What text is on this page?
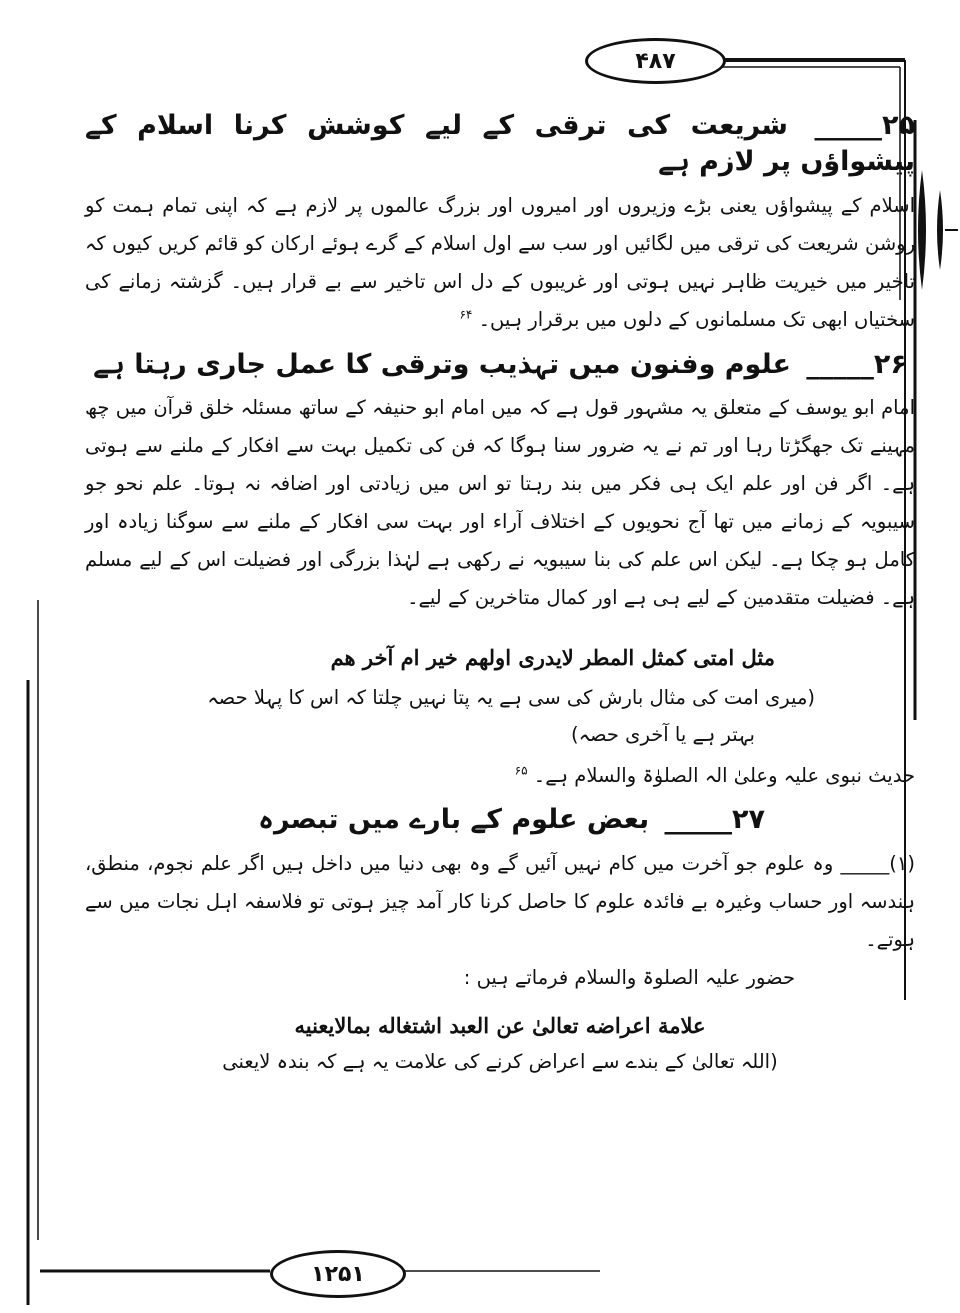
۴۸۷
۲۵_____ شریعت کی ترقی کے لیے کوشش کرنا اسلام کے پیشواؤں پر لازم ہے

اسلام کے پیشواؤں یعنی بڑے وزیروں اور امیروں اور بزرگ عالموں پر لازم ہے کہ اپنی تمام ہمت کو روشن شریعت کی ترقی میں لگائیں اور سب سے اول اسلام کے گرے ہوئے ارکان کو قائم کریں کیوں کہ تاخیر میں خیریت ظاہر نہیں ہوتی اور غریبوں کے دل اس تاخیر سے بے قرار ہیں۔ گزشتہ زمانے کی سختیاں ابھی تک مسلمانوں کے دلوں میں برقرار ہیں۔ $^{۶۴}$

۲۶_____ علوم وفنون میں تہذیب وترقی کا عمل جاری رہتا ہے

امام ابو یوسف کے متعلق یہ مشہور قول ہے کہ میں امام ابو حنیفہ کے ساتھ مسئلہ خلق قرآن میں چھ مہینے تک جھگڑتا رہا اور تم نے یہ ضرور سنا ہوگا کہ فن کی تکمیل بہت سے افکار کے ملنے سے ہوتی ہے۔ اگر فن اور علم ایک ہی فکر میں بند رہتا تو اس میں زیادتی اور اضافہ نہ ہوتا۔ علم نحو جو سیبویہ کے زمانے میں تھا آج نحویوں کے اختلاف آراء اور بہت سی افکار کے ملنے سے سوگنا زیادہ اور کامل ہو چکا ہے۔ لیکن اس علم کی بنا سیبویہ نے رکھی ہے لہٰذا بزرگی اور فضیلت اس کے لیے مسلم ہے۔ فضیلت متقدمین کے لیے ہی ہے اور کمال متاخرین کے لیے۔

مثل امتی کمثل المطر لایدری اولهم خیر ام آخر هم

(میری امت کی مثال بارش کی سی ہے یہ پتا نہیں چلتا کہ اس کا پہلا حصہ

بہتر ہے یا آخری حصہ)

حدیث نبوی علیہ وعلیٰ الہ الصلوٰۃ والسلام ہے۔ $^{۶۵}$

۲۷_____ بعض علوم کے بارے میں تبصرہ

(۱)_____ وہ علوم جو آخرت میں کام نہیں آئیں گے وہ بھی دنیا میں داخل ہیں اگر علم نجوم، منطق، ہندسہ اور حساب وغیرہ بے فائدہ علوم کا حاصل کرنا کار آمد چیز ہوتی تو فلاسفہ اہل نجات میں سے ہوتے۔

حضور علیہ الصلوۃ والسلام فرماتے ہیں :

علامة اعراضه تعالیٰ عن العبد اشتغاله بمالایعنیه

(اللہ تعالیٰ کے بندے سے اعراض کرنے کی علامت یہ ہے کہ بندہ لایعنی

۱۲۵۱
